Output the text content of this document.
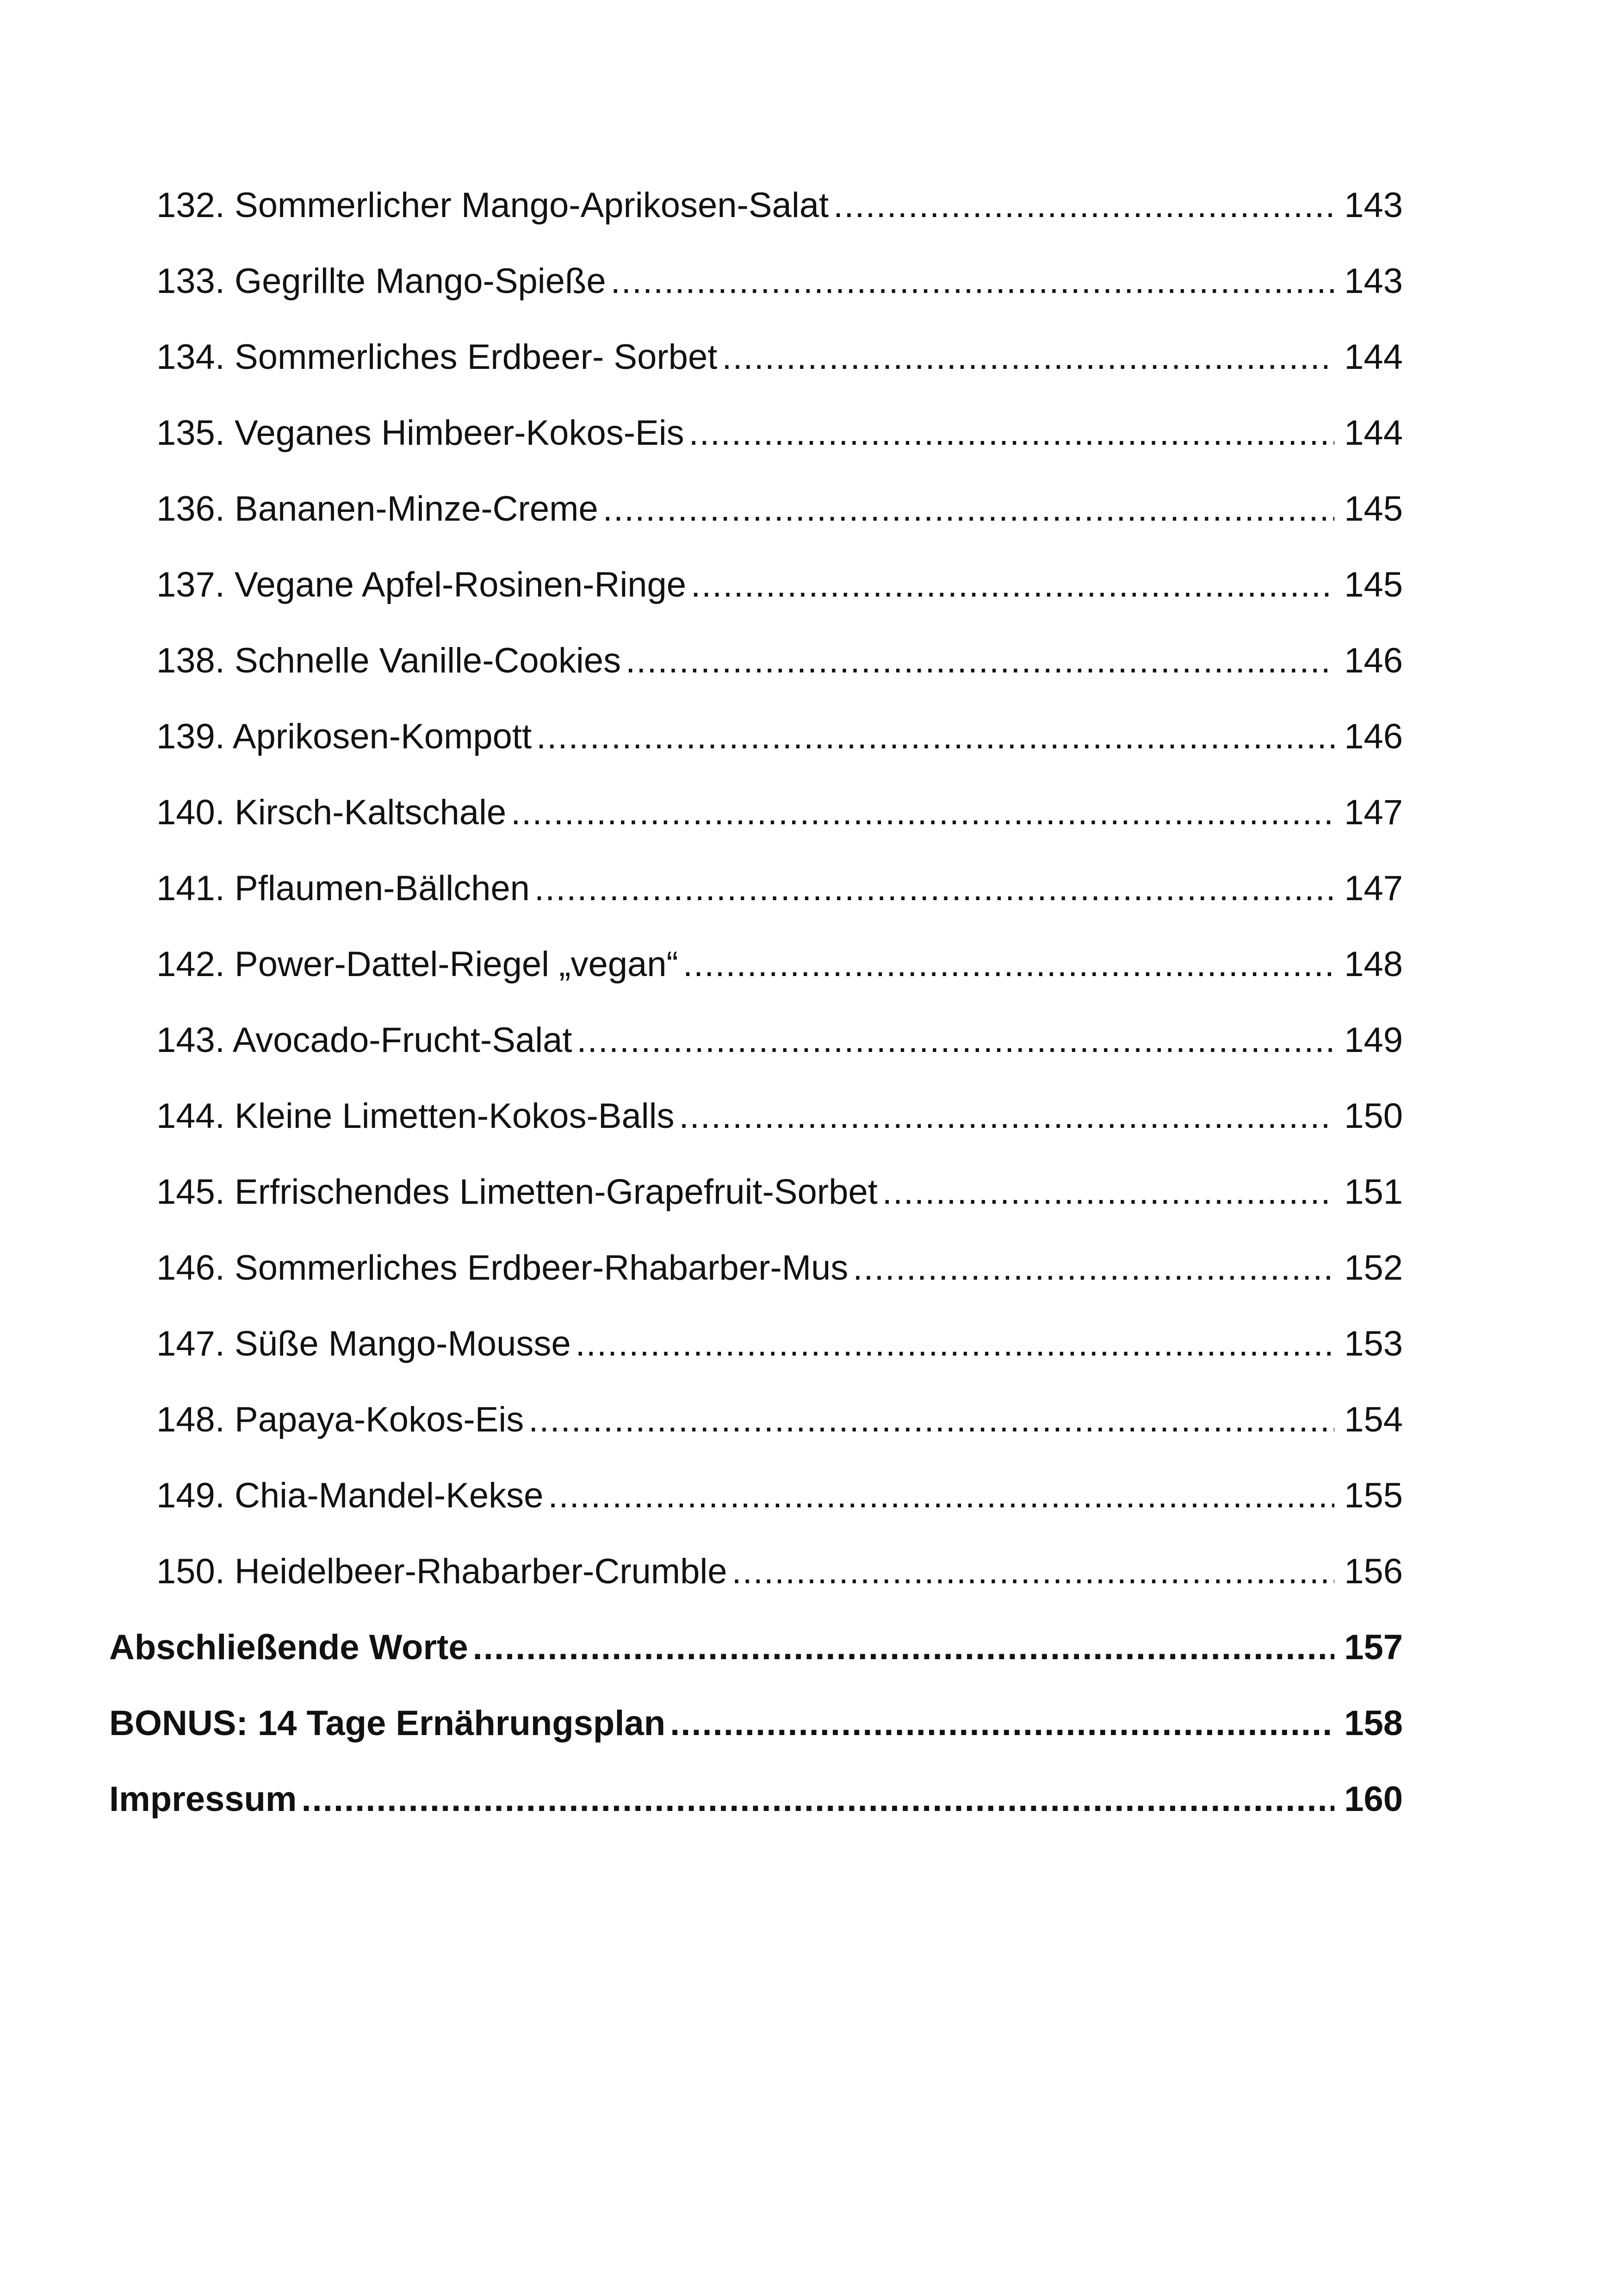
132. Sommerlicher Mango-Aprikosen-Salat .....	143
133. Gegrillte Mango-Spieße .....	143
134. Sommerliches Erdbeer- Sorbet .....	144
135. Veganes Himbeer-Kokos-Eis .....	144
136. Bananen-Minze-Creme .....	145
137. Vegane Apfel-Rosinen-Ringe .....	145
138. Schnelle Vanille-Cookies .....	146
139. Aprikosen-Kompott .....	146
140. Kirsch-Kaltschale .....	147
141. Pflaumen-Bällchen .....	147
142. Power-Dattel-Riegel „vegan“ .....	148
143. Avocado-Frucht-Salat .....	149
144. Kleine Limetten-Kokos-Balls .....	150
145. Erfrischendes Limetten-Grapefruit-Sorbet .....	151
146. Sommerliches Erdbeer-Rhabarber-Mus .....	152
147. Süße Mango-Mousse .....	153
148. Papaya-Kokos-Eis .....	154
149. Chia-Mandel-Kekse .....	155
150. Heidelbeer-Rhabarber-Crumble .....	156
Abschließende Worte .....	157
BONUS: 14 Tage Ernährungsplan .....	158
Impressum .....	160
